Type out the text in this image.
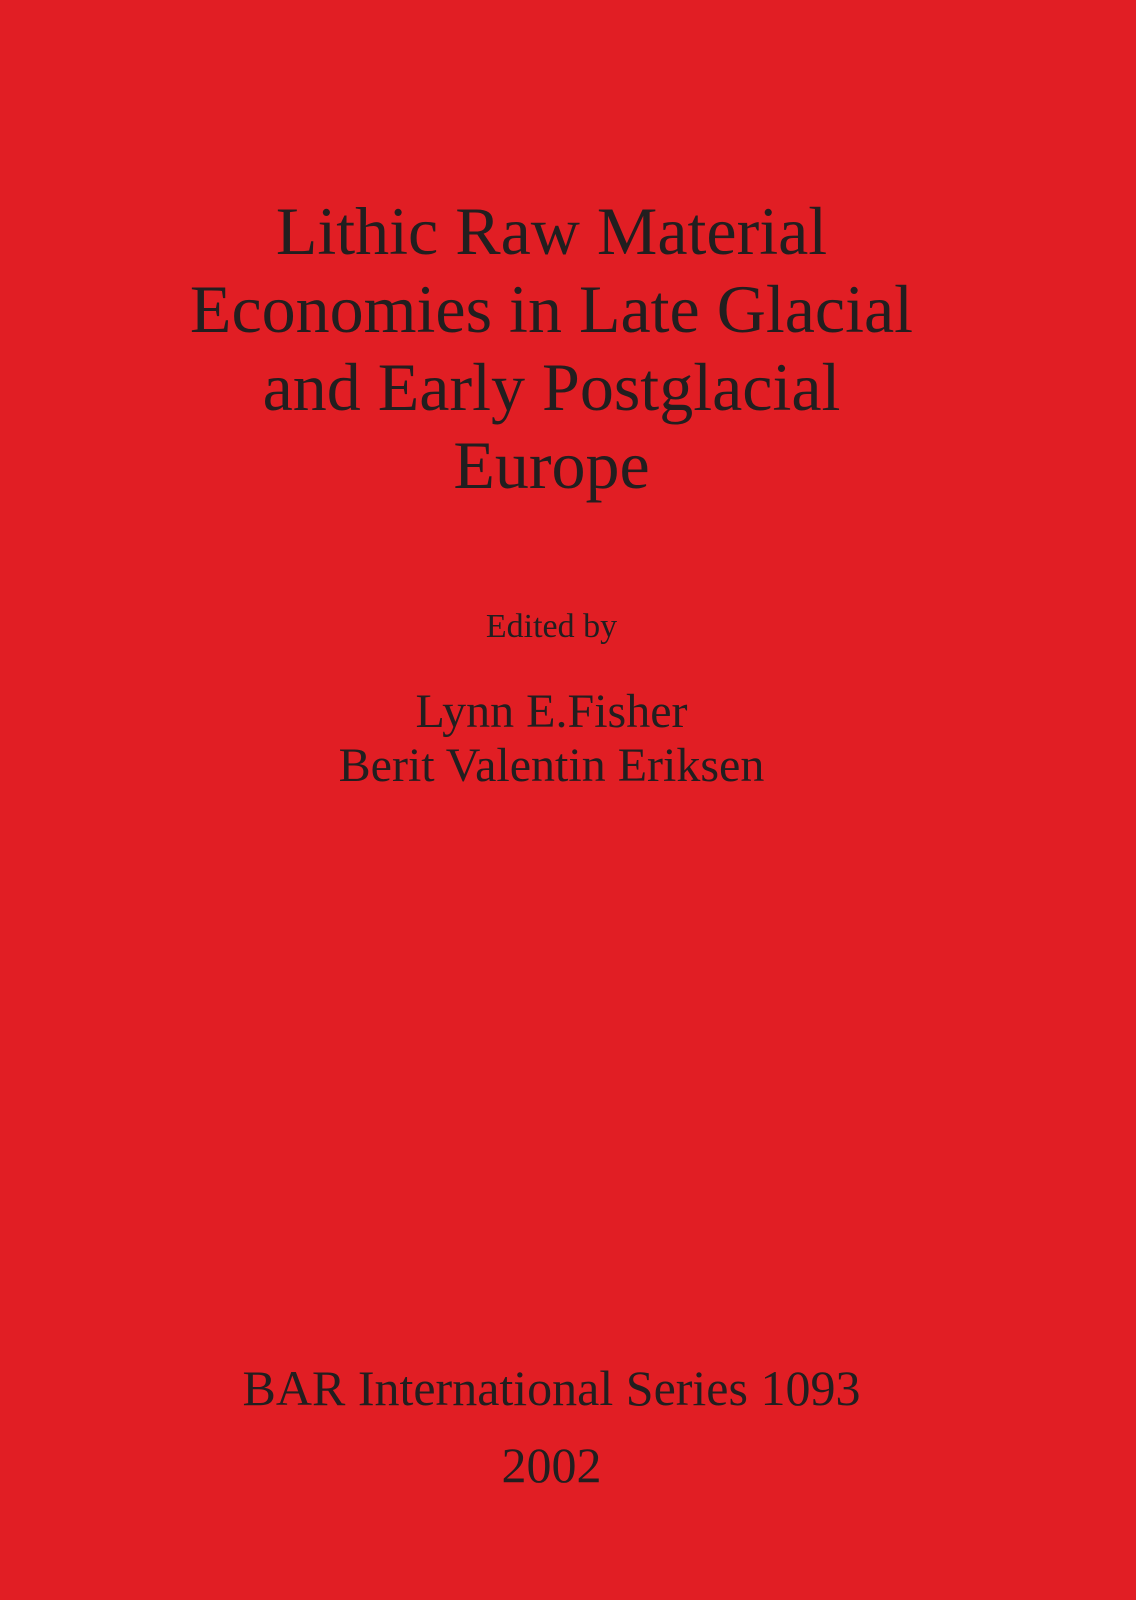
Lithic Raw Material
Economies in Late Glacial
and Early Postglacial
Europe
Edited by
Lynn E.Fisher
Berit Valentin Eriksen
BAR International Series 1093
2002
